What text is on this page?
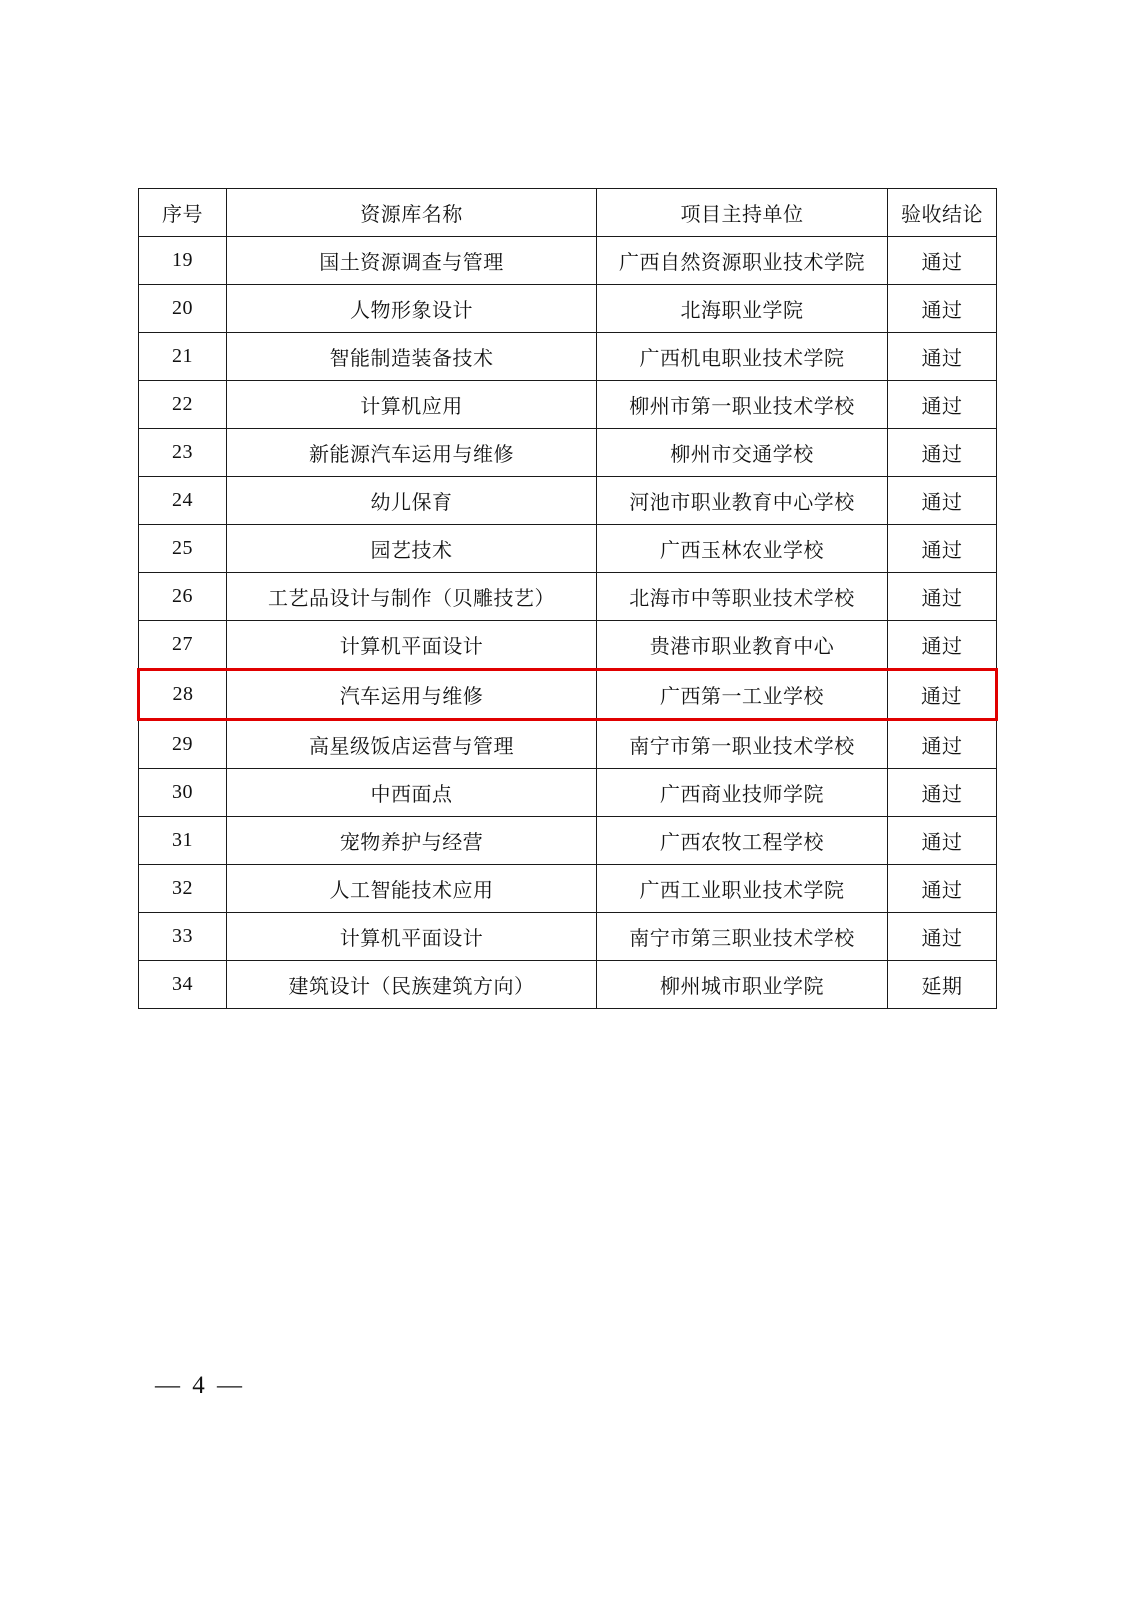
序号	资源库名称	项目主持单位	验收结论
19	国土资源调查与管理	广西自然资源职业技术学院	通过
20	人物形象设计	北海职业学院	通过
21	智能制造装备技术	广西机电职业技术学院	通过
22	计算机应用	柳州市第一职业技术学校	通过
23	新能源汽车运用与维修	柳州市交通学校	通过
24	幼儿保育	河池市职业教育中心学校	通过
25	园艺技术	广西玉林农业学校	通过
26	工艺品设计与制作（贝雕技艺）	北海市中等职业技术学校	通过
27	计算机平面设计	贵港市职业教育中心	通过
28	汽车运用与维修	广西第一工业学校	通过
29	高星级饭店运营与管理	南宁市第一职业技术学校	通过
30	中西面点	广西商业技师学院	通过
31	宠物养护与经营	广西农牧工程学校	通过
32	人工智能技术应用	广西工业职业技术学院	通过
33	计算机平面设计	南宁市第三职业技术学校	通过
34	建筑设计（民族建筑方向）	柳州城市职业学院	延期
— 4 —
